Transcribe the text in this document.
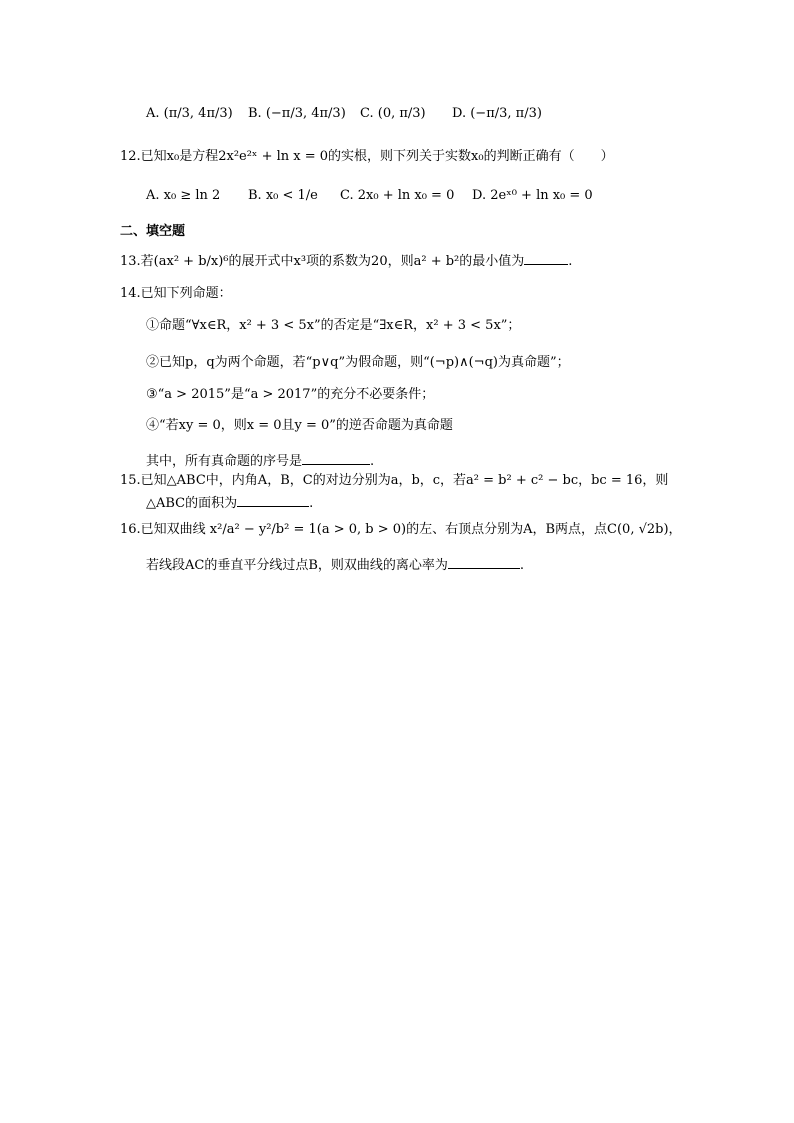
A. (π/3, 4π/3) B. (−π/3, 4π/3) C. (0, π/3) D. (−π/3, π/3)
12.已知x₀是方程2x²e²ˣ + ln x = 0的实根，则下列关于实数x₀的判断正确有（　　）
A. x₀ ≥ ln 2 B. x₀ < 1/e C. 2x₀ + ln x₀ = 0 D. 2eˣ⁰ + ln x₀ = 0
二、填空题
13.若(ax² + b/x)⁶的展开式中x³项的系数为20，则a² + b²的最小值为	.
14.已知下列命题：
①命题“∀x∈R，x² + 3 < 5x”的否定是“∃x∈R，x² + 3 < 5x”；
②已知p，q为两个命题，若“p∨q”为假命题，则“(¬p)∧(¬q)为真命题”；
③“a > 2015”是“a > 2017”的充分不必要条件；
④“若xy = 0，则x = 0且y = 0”的逆否命题为真命题
其中，所有真命题的序号是	.
15.已知△ABC中，内角A，B，C的对边分别为a，b，c，若a² = b² + c² − bc，bc = 16，则
△ABC的面积为	.
16.已知双曲线 x²/a² − y²/b² = 1(a > 0, b > 0)的左、右顶点分别为A，B两点，点C(0, √2b)，
若线段AC的垂直平分线过点B，则双曲线的离心率为	.
